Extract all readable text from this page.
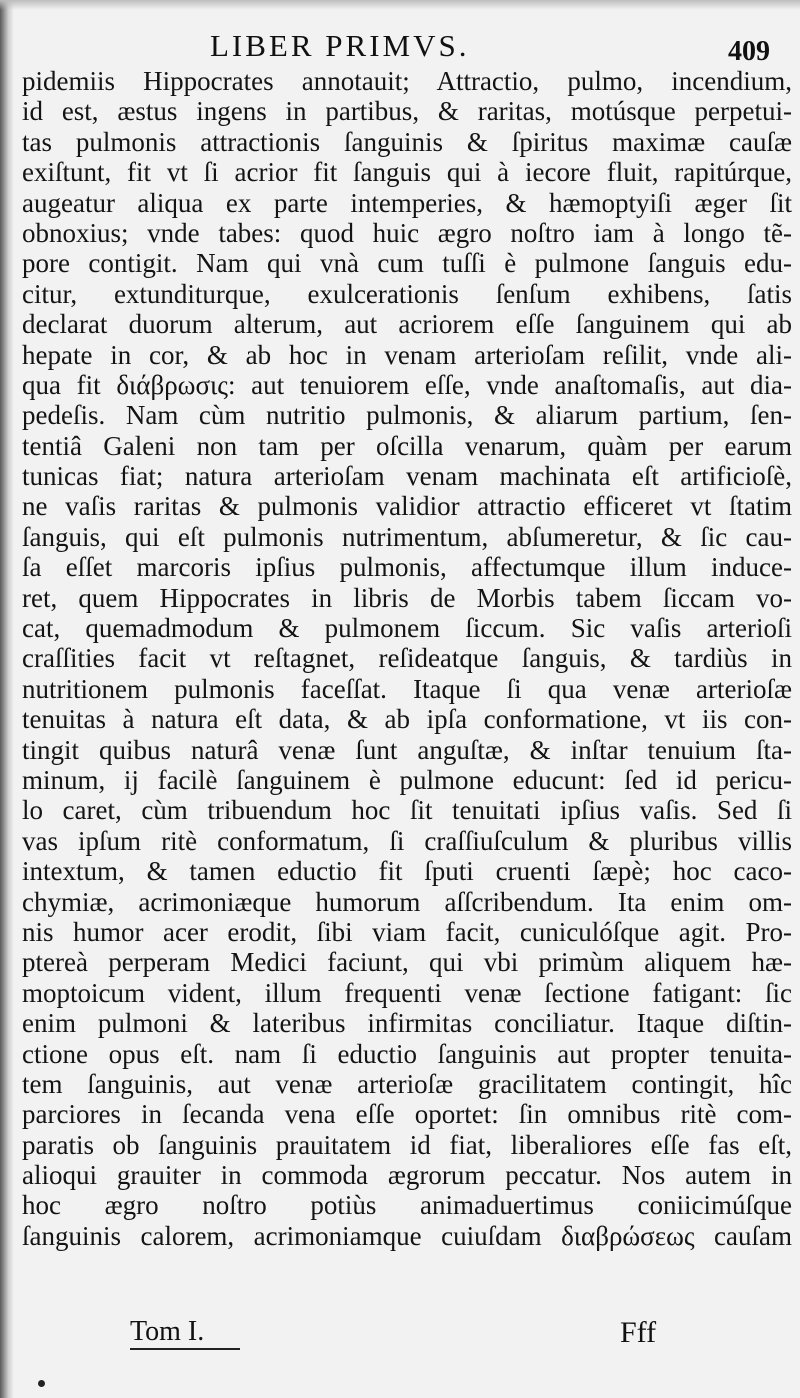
LIBER PRIMVS.	409
pidemiis Hippocrates annotauit; Attractio, pulmo, incendium,
id est, æstus ingens in partibus, & raritas, motúsque perpetui-
tas pulmonis attractionis ſanguinis & ſpiritus maximæ cauſæ
exiſtunt, fit vt ſi acrior fit ſanguis qui à iecore fluit, rapitúrque,
augeatur aliqua ex parte intemperies, & hæmoptyiſi æger ſit
obnoxius; vnde tabes: quod huic ægro noſtro iam à longo tẽ-
pore contigit. Nam qui vnà cum tuſſi è pulmone ſanguis edu-
citur, extunditurque, exulcerationis ſenſum exhibens, ſatis
declarat duorum alterum, aut acriorem eſſe ſanguinem qui ab
hepate in cor, & ab hoc in venam arterioſam reſilit, vnde ali-
qua fit διάβρωσις: aut tenuiorem eſſe, vnde anaſtomaſis, aut dia-
pedeſis. Nam cùm nutritio pulmonis, & aliarum partium, ſen-
tentiâ Galeni non tam per oſcilla venarum, quàm per earum
tunicas fiat; natura arterioſam venam machinata eſt artificioſè,
ne vaſis raritas & pulmonis validior attractio efficeret vt ſtatim
ſanguis, qui eſt pulmonis nutrimentum, abſumeretur, & ſic cau-
ſa eſſet marcoris ipſius pulmonis, affectumque illum induce-
ret, quem Hippocrates in libris de Morbis tabem ſiccam vo-
cat, quemadmodum & pulmonem ſiccum. Sic vaſis arterioſi
craſſities facit vt reſtagnet, reſideatque ſanguis, & tardiùs in
nutritionem pulmonis faceſſat. Itaque ſi qua venæ arterioſæ
tenuitas à natura eſt data, & ab ipſa conformatione, vt iis con-
tingit quibus naturâ venæ ſunt anguſtæ, & inſtar tenuium ſta-
minum, ij facilè ſanguinem è pulmone educunt: ſed id pericu-
lo caret, cùm tribuendum hoc ſit tenuitati ipſius vaſis. Sed ſi
vas ipſum ritè conformatum, ſi craſſiuſculum & pluribus villis
intextum, & tamen eductio fit ſputi cruenti ſæpè; hoc caco-
chymiæ, acrimoniæque humorum aſſcribendum. Ita enim om-
nis humor acer erodit, ſibi viam facit, cuniculóſque agit. Pro-
ptereà perperam Medici faciunt, qui vbi primùm aliquem hæ-
moptoicum vident, illum frequenti venæ ſectione fatigant: ſic
enim pulmoni & lateribus infirmitas conciliatur. Itaque diſtin-
ctione opus eſt. nam ſi eductio ſanguinis aut propter tenuita-
tem ſanguinis, aut venæ arterioſæ gracilitatem contingit, hîc
parciores in ſecanda vena eſſe oportet: ſin omnibus ritè com-
paratis ob ſanguinis prauitatem id fiat, liberaliores eſſe fas eſt,
alioqui grauiter in commoda ægrorum peccatur. Nos autem in
hoc ægro noſtro potiùs animaduertimus coniicimúſque
ſanguinis calorem, acrimoniamque cuiuſdam διαβρώσεως cauſam
Tom I.	Fff
